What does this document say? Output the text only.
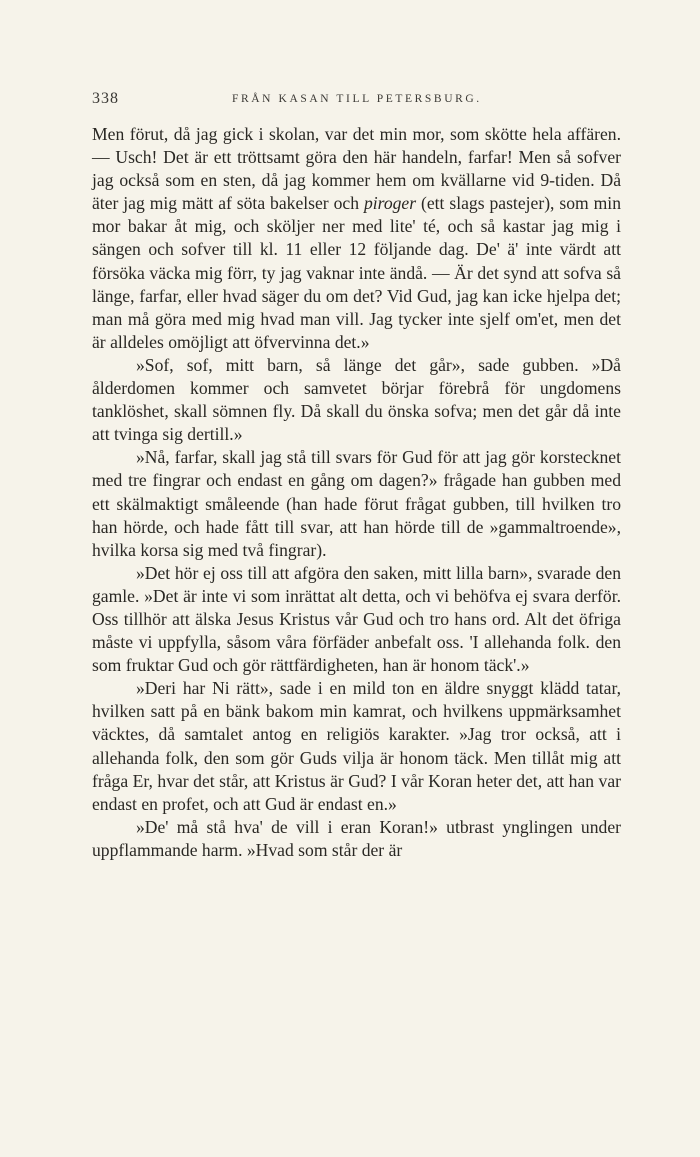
338	FRÅN KASAN TILL PETERSBURG.

Men förut, då jag gick i skolan, var det min mor, som skötte hela affären. — Usch! Det är ett tröttsamt göra den här handeln, farfar! Men så sofver jag också som en sten, då jag kommer hem om kvällarne vid 9-tiden. Då äter jag mig mätt af söta bakelser och piroger (ett slags pastejer), som min mor bakar åt mig, och sköljer ner med lite' té, och så kastar jag mig i sängen och sofver till kl. 11 eller 12 följande dag. De' ä' inte värdt att försöka väcka mig förr, ty jag vaknar inte ändå. — Är det synd att sofva så länge, farfar, eller hvad säger du om det? Vid Gud, jag kan icke hjelpa det; man må göra med mig hvad man vill. Jag tycker inte sjelf om'et, men det är alldeles omöjligt att öfvervinna det.»

»Sof, sof, mitt barn, så länge det går», sade gubben. »Då ålderdomen kommer och samvetet börjar förebrå för ungdomens tanklöshet, skall sömnen fly. Då skall du önska sofva; men det går då inte att tvinga sig dertill.»

»Nå, farfar, skall jag stå till svars för Gud för att jag gör korstecknet med tre fingrar och endast en gång om dagen?» frågade han gubben med ett skälmaktigt småleende (han hade förut frågat gubben, till hvilken tro han hörde, och hade fått till svar, att han hörde till de »gammaltroende», hvilka korsa sig med två fingrar).

»Det hör ej oss till att afgöra den saken, mitt lilla barn», svarade den gamle. »Det är inte vi som inrättat alt detta, och vi behöfva ej svara derför. Oss tillhör att älska Jesus Kristus vår Gud och tro hans ord. Alt det öfriga måste vi uppfylla, såsom våra förfäder anbefalt oss. 'I allehanda folk. den som fruktar Gud och gör rättfärdigheten, han är honom täck'.»

»Deri har Ni rätt», sade i en mild ton en äldre snyggt klädd tatar, hvilken satt på en bänk bakom min kamrat, och hvilkens uppmärksamhet väcktes, då samtalet antog en religiös karakter. »Jag tror också, att i allehanda folk, den som gör Guds vilja är honom täck. Men tillåt mig att fråga Er, hvar det står, att Kristus är Gud? I vår Koran heter det, att han var endast en profet, och att Gud är endast en.»

»De' må stå hva' de vill i eran Koran!» utbrast ynglingen under uppflammande harm. »Hvad som står der är
